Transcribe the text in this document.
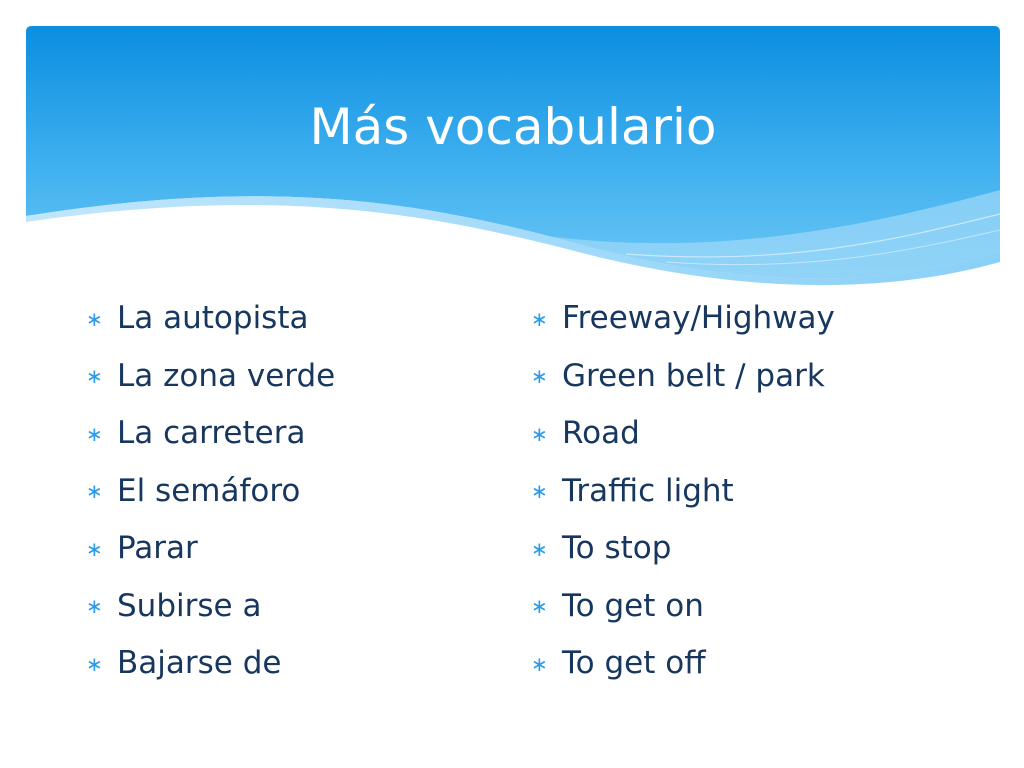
Más vocabulario
∗ La autopista
∗ La zona verde
∗ La carretera
∗ El semáforo
∗ Parar
∗ Subirse a
∗ Bajarse de
∗ Freeway/Highway
∗ Green belt / park
∗ Road
∗ Traffic light
∗ To stop
∗ To get on
∗ To get off
